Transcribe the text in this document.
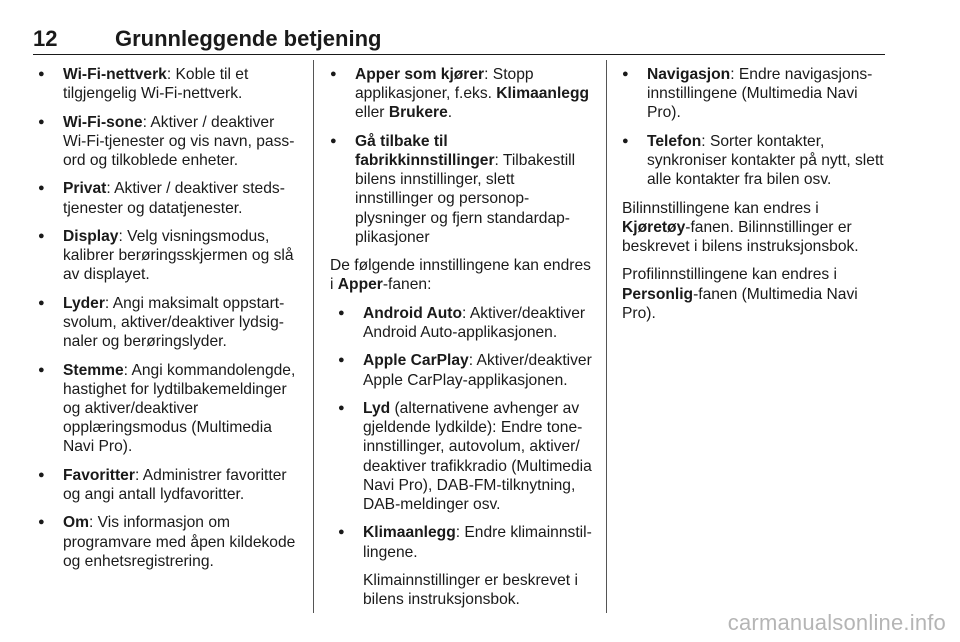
12	Grunnleggende betjening
● Wi-Fi-nettverk: Koble til et tilgjengelig Wi-Fi-nettverk.
● Wi-Fi-sone: Aktiver / deaktiver Wi-Fi-tjenester og vis navn, passord og tilkoblede enheter.
● Privat: Aktiver / deaktiver stedstjenester og datatjenester.
● Display: Velg visningsmodus, kalibrer berøringsskjermen og slå av displayet.
● Lyder: Angi maksimalt oppstartsvolum, aktiver/deaktiver lydsignaler og berøringslyder.
● Stemme: Angi kommandolengde, hastighet for lydtilbakemeldinger og aktiver/deaktiver opplæringsmodus (Multimedia Navi Pro).
● Favoritter: Administrer favoritter og angi antall lydfavoritter.
● Om: Vis informasjon om programvare med åpen kildekode og enhetsregistrering.
● Apper som kjører: Stopp applikasjoner, f.eks. Klimaanlegg eller Brukere.
● Gå tilbake til fabrikkinnstillinger: Tilbakestill bilens innstillinger, slett innstillinger og personopplysninger og fjern standardapplikasjoner

De følgende innstillingene kan endres i Apper-fanen:

● Android Auto: Aktiver/deaktiver Android Auto-applikasjonen.
● Apple CarPlay: Aktiver/deaktiver Apple CarPlay-applikasjonen.
● Lyd (alternativene avhenger av gjeldende lydkilde): Endre toneinnstillinger, autovolum, aktiver/ deaktiver trafikkradio (Multimedia Navi Pro), DAB-FM-tilknytning, DAB-meldinger osv.
● Klimaanlegg: Endre klimainnstillingene.

Klimainnstillinger er beskrevet i bilens instruksjonsbok.

● Navigasjon: Endre navigasjonsinnstillingene (Multimedia Navi Pro).
● Telefon: Sorter kontakter, synkroniser kontakter på nytt, slett alle kontakter fra bilen osv.

Bilinnstillingene kan endres i Kjøretøy-fanen. Bilinnstillinger er beskrevet i bilens instruksjonsbok.

Profilinnstillingene kan endres i Personlig-fanen (Multimedia Navi Pro).

carmanualsonline.info
